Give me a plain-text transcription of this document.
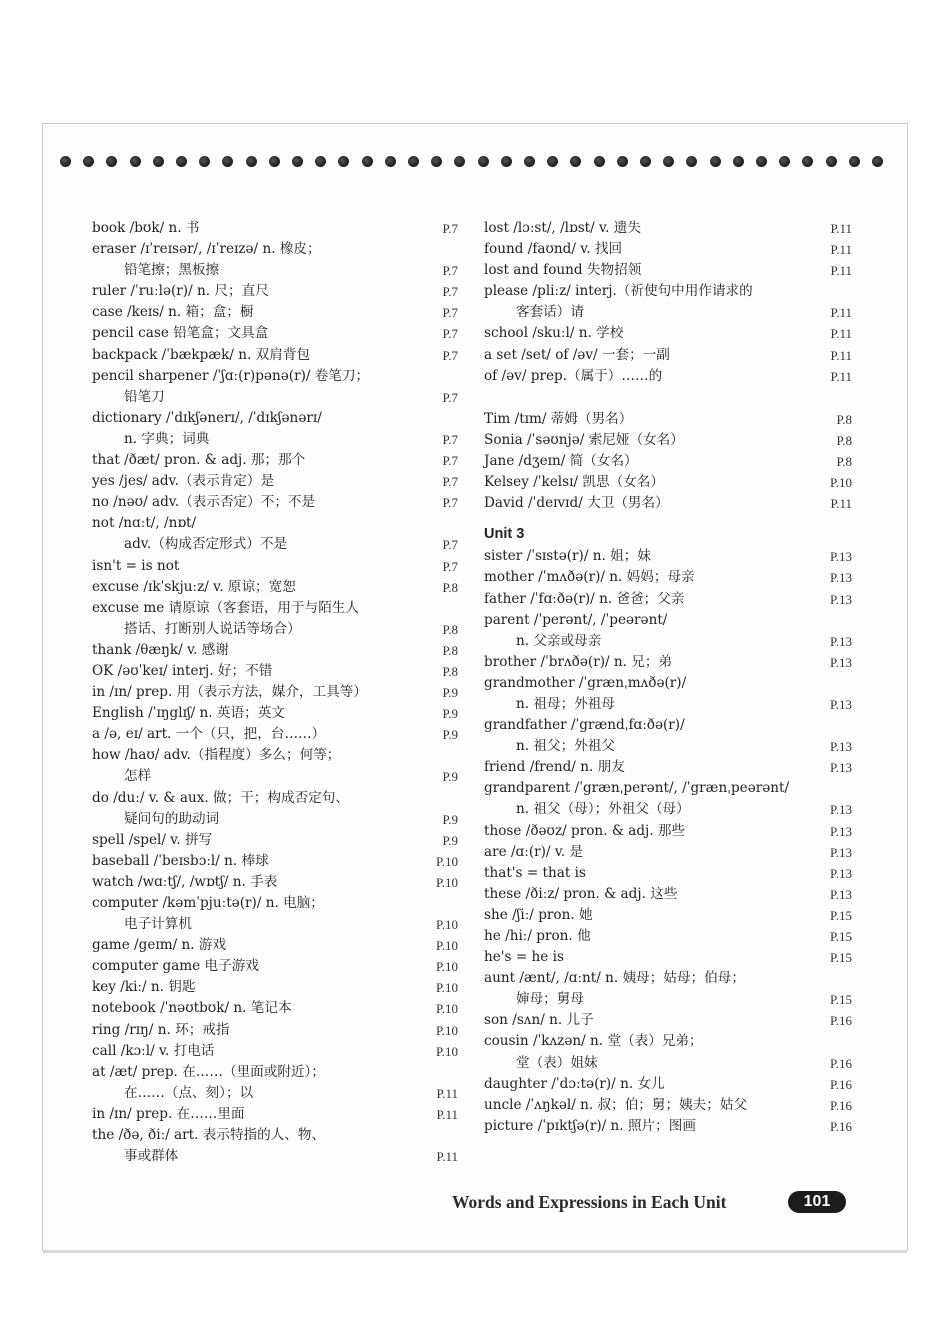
book /bʊk/ n. 书	P.7
eraser /ɪˈreɪsər/, /ɪˈreɪzə/ n. 橡皮；
铅笔擦；黑板擦	P.7
ruler /ˈruːlə(r)/ n. 尺；直尺	P.7
case /keɪs/ n. 箱；盒；橱	P.7
pencil case 铅笔盒；文具盒	P.7
backpack /ˈbækpæk/ n. 双肩背包	P.7
pencil sharpener /ˈʃɑː(r)pənə(r)/ 卷笔刀；
铅笔刀	P.7
dictionary /ˈdɪkʃənerɪ/, /ˈdɪkʃənərɪ/
n. 字典；词典	P.7
that /ðæt/ pron. & adj. 那；那个	P.7
yes /jes/ adv.（表示肯定）是	P.7
no /nəʊ/ adv.（表示否定）不；不是	P.7
not /nɑːt/, /nɒt/
adv.（构成否定形式）不是	P.7
isn't = is not	P.7
excuse /ɪkˈskjuːz/ v. 原谅；宽恕	P.8
excuse me 请原谅（客套语，用于与陌生人
搭话、打断别人说话等场合）	P.8
thank /θæŋk/ v. 感谢	P.8
OK /əʊˈkeɪ/ interj. 好；不错	P.8
in /ɪn/ prep. 用（表示方法，媒介，工具等）	P.9
English /ˈɪŋglɪʃ/ n. 英语；英文	P.9
a /ə, eɪ/ art. 一个（只，把，台……）	P.9
how /haʊ/ adv.（指程度）多么；何等；
怎样	P.9
do /duː/ v. & aux. 做；干；构成否定句、
疑问句的助动词	P.9
spell /spel/ v. 拼写	P.9
baseball /ˈbeɪsbɔːl/ n. 棒球	P.10
watch /wɑːtʃ/, /wɒtʃ/ n. 手表	P.10
computer /kəmˈpjuːtə(r)/ n. 电脑；
电子计算机	P.10
game /geɪm/ n. 游戏	P.10
computer game 电子游戏	P.10
key /kiː/ n. 钥匙	P.10
notebook /ˈnəʊtbʊk/ n. 笔记本	P.10
ring /rɪŋ/ n. 环；戒指	P.10
call /kɔːl/ v. 打电话	P.10
at /æt/ prep. 在……（里面或附近）；
在……（点、刻）；以	P.11
in /ɪn/ prep. 在……里面	P.11
the /ðə, ðiː/ art. 表示特指的人、物、
事或群体	P.11
lost /lɔːst/, /lɒst/ v. 遗失	P.11
found /faʊnd/ v. 找回	P.11
lost and found 失物招领	P.11
please /pliːz/ interj.（祈使句中用作请求的
客套话）请	P.11
school /skuːl/ n. 学校	P.11
a set /set/ of /əv/ 一套；一副	P.11
of /əv/ prep.（属于）……的	P.11
Tim /tɪm/ 蒂姆（男名）	P.8
Sonia /ˈsəʊnjə/ 索尼娅（女名）	P.8
Jane /dʒeɪn/ 简（女名）	P.8
Kelsey /ˈkelsɪ/ 凯思（女名）	P.10
David /ˈdeɪvɪd/ 大卫（男名）	P.11
Unit 3
sister /ˈsɪstə(r)/ n. 姐；妹	P.13
mother /ˈmʌðə(r)/ n. 妈妈；母亲	P.13
father /ˈfɑːðə(r)/ n. 爸爸；父亲	P.13
parent /ˈperənt/, /ˈpeərənt/
n. 父亲或母亲	P.13
brother /ˈbrʌðə(r)/ n. 兄；弟	P.13
grandmother /ˈgrænˌmʌðə(r)/
n. 祖母；外祖母	P.13
grandfather /ˈgrændˌfɑːðə(r)/
n. 祖父；外祖父	P.13
friend /frend/ n. 朋友	P.13
grandparent /ˈgrænˌperənt/, /ˈgrænˌpeərənt/
n. 祖父（母）；外祖父（母）	P.13
those /ðəʊz/ pron. & adj. 那些	P.13
are /ɑː(r)/ v. 是	P.13
that's = that is	P.13
these /ðiːz/ pron. & adj. 这些	P.13
she /ʃiː/ pron. 她	P.15
he /hiː/ pron. 他	P.15
he's = he is	P.15
aunt /ænt/, /ɑːnt/ n. 姨母；姑母；伯母；
婶母；舅母	P.15
son /sʌn/ n. 儿子	P.16
cousin /ˈkʌzən/ n. 堂（表）兄弟；
堂（表）姐妹	P.16
daughter /ˈdɔːtə(r)/ n. 女儿	P.16
uncle /ˈʌŋkəl/ n. 叔；伯；舅；姨夫；姑父	P.16
picture /ˈpɪktʃə(r)/ n. 照片；图画	P.16
Words and Expressions in Each Unit	101
